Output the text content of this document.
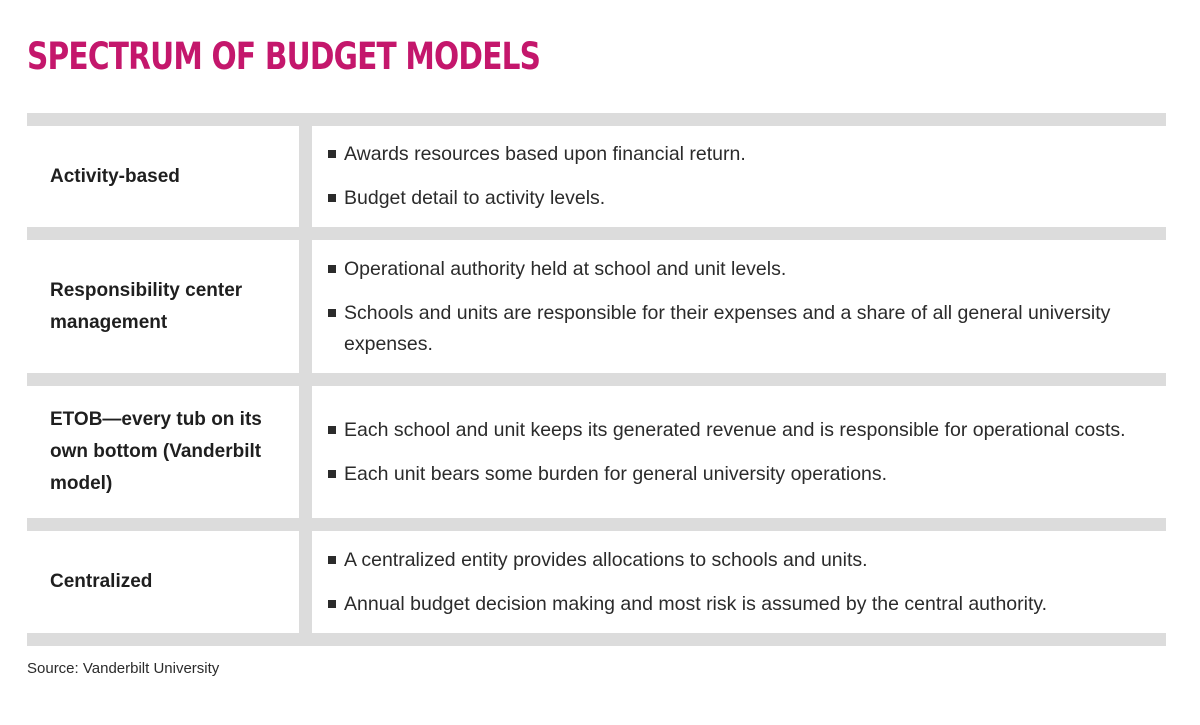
SPECTRUM OF BUDGET MODELS
Activity-based
Awards resources based upon financial return.
Budget detail to activity levels.
Responsibility center management
Operational authority held at school and unit levels.
Schools and units are responsible for their expenses and a share of all general university expenses.
ETOB—every tub on its own bottom (Vanderbilt model)
Each school and unit keeps its generated revenue and is responsible for operational costs.
Each unit bears some burden for general university operations.
Centralized
A centralized entity provides allocations to schools and units.
Annual budget decision making and most risk is assumed by the central authority.
Source: Vanderbilt University
